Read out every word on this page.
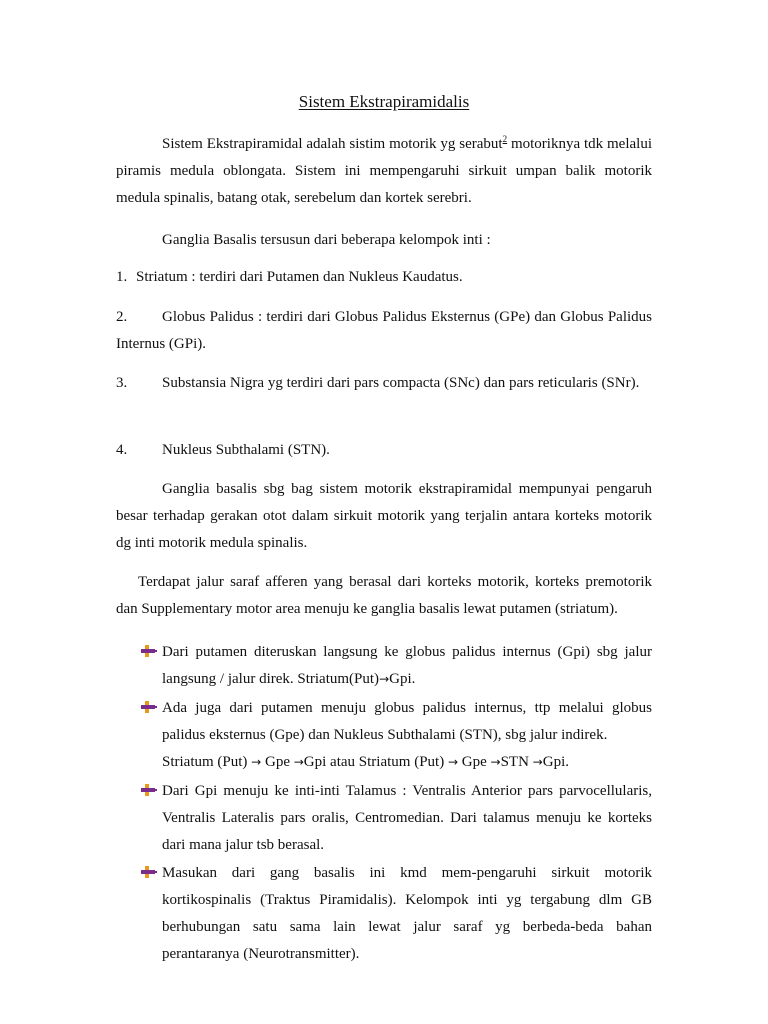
Sistem Ekstrapiramidalis
Sistem Ekstrapiramidal adalah sistim motorik yg serabut$^2$ motoriknya tdk melalui piramis medula oblongata. Sistem ini mempengaruhi sirkuit umpan balik motorik medula spinalis, batang otak, serebelum dan kortek serebri.
Ganglia Basalis tersusun dari beberapa kelompok inti :
1. Striatum : terdiri dari Putamen dan Nukleus Kaudatus.
2. Globus Palidus : terdiri dari Globus Palidus Eksternus (GPe) dan Globus Palidus Internus (GPi).
3. Substansia Nigra yg terdiri dari pars compacta (SNc) dan pars reticularis (SNr).
4. Nukleus Subthalami (STN).
Ganglia basalis sbg bag sistem motorik ekstrapiramidal mempunyai pengaruh besar terhadap gerakan otot dalam sirkuit motorik yang terjalin antara korteks motorik dg inti motorik medula spinalis.
Terdapat jalur saraf afferen yang berasal dari korteks motorik, korteks premotorik dan Supplementary motor area menuju ke ganglia basalis lewat putamen (striatum).
Dari putamen diteruskan langsung ke globus palidus internus (Gpi) sbg jalur langsung / jalur direk. Striatum(Put)→Gpi.
Ada juga dari putamen menuju globus palidus internus, ttp melalui globus palidus eksternus (Gpe) dan Nukleus Subthalami (STN), sbg jalur indirek.
Striatum (Put) → Gpe →Gpi atau Striatum (Put) → Gpe →STN →Gpi.
Dari Gpi menuju ke inti-inti Talamus : Ventralis Anterior pars parvocellularis, Ventralis Lateralis pars oralis, Centromedian. Dari talamus menuju ke korteks dari mana jalur tsb berasal.
Masukan dari gang basalis ini kmd mem-pengaruhi sirkuit motorik kortikospinalis (Traktus Piramidalis). Kelompok inti yg tergabung dlm GB berhubungan satu sama lain lewat jalur saraf yg berbeda-beda bahan perantaranya (Neurotransmitter).
